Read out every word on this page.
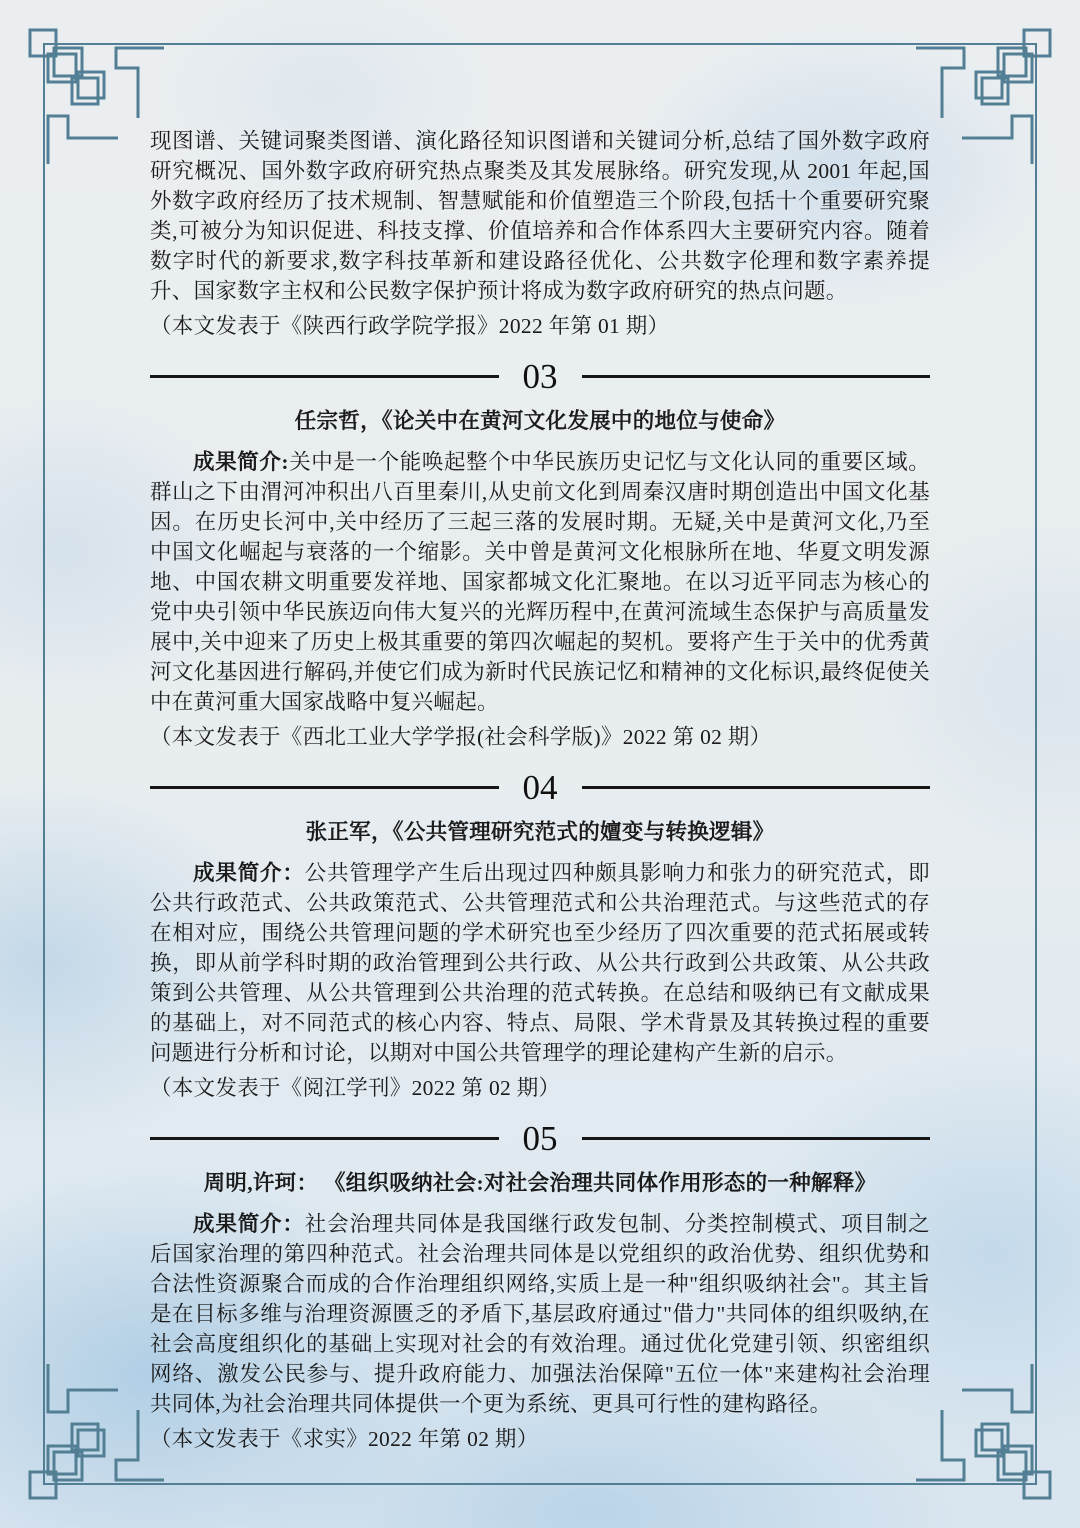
现图谱、关键词聚类图谱、演化路径知识图谱和关键词分析,总结了国外数字政府研究概况、国外数字政府研究热点聚类及其发展脉络。研究发现,从 2001 年起,国外数字政府经历了技术规制、智慧赋能和价值塑造三个阶段,包括十个重要研究聚类,可被分为知识促进、科技支撑、价值培养和合作体系四大主要研究内容。随着数字时代的新要求,数字科技革新和建设路径优化、公共数字伦理和数字素养提升、国家数字主权和公民数字保护预计将成为数字政府研究的热点问题。

（本文发表于《陕西行政学院学报》2022 年第 01 期）

03
任宗哲，《论关中在黄河文化发展中的地位与使命》

成果简介:关中是一个能唤起整个中华民族历史记忆与文化认同的重要区域。群山之下由渭河冲积出八百里秦川,从史前文化到周秦汉唐时期创造出中国文化基因。在历史长河中,关中经历了三起三落的发展时期。无疑,关中是黄河文化,乃至中国文化崛起与衰落的一个缩影。关中曾是黄河文化根脉所在地、华夏文明发源地、中国农耕文明重要发祥地、国家都城文化汇聚地。在以习近平同志为核心的党中央引领中华民族迈向伟大复兴的光辉历程中,在黄河流域生态保护与高质量发展中,关中迎来了历史上极其重要的第四次崛起的契机。要将产生于关中的优秀黄河文化基因进行解码,并使它们成为新时代民族记忆和精神的文化标识,最终促使关中在黄河重大国家战略中复兴崛起。

（本文发表于《西北工业大学学报(社会科学版)》2022 第 02 期）

04
张正军，《公共管理研究范式的嬗变与转换逻辑》

成果简介：公共管理学产生后出现过四种颇具影响力和张力的研究范式，即公共行政范式、公共政策范式、公共管理范式和公共治理范式。与这些范式的存在相对应，围绕公共管理问题的学术研究也至少经历了四次重要的范式拓展或转换，即从前学科时期的政治管理到公共行政、从公共行政到公共政策、从公共政策到公共管理、从公共管理到公共治理的范式转换。在总结和吸纳已有文献成果的基础上，对不同范式的核心内容、特点、局限、学术背景及其转换过程的重要问题进行分析和讨论，以期对中国公共管理学的理论建构产生新的启示。

（本文发表于《阅江学刊》2022 第 02 期）

05
周明,许珂： 《组织吸纳社会:对社会治理共同体作用形态的一种解释》

成果简介：社会治理共同体是我国继行政发包制、分类控制模式、项目制之后国家治理的第四种范式。社会治理共同体是以党组织的政治优势、组织优势和合法性资源聚合而成的合作治理组织网络,实质上是一种"组织吸纳社会"。其主旨是在目标多维与治理资源匮乏的矛盾下,基层政府通过"借力"共同体的组织吸纳,在社会高度组织化的基础上实现对社会的有效治理。通过优化党建引领、织密组织网络、激发公民参与、提升政府能力、加强法治保障"五位一体"来建构社会治理共同体,为社会治理共同体提供一个更为系统、更具可行性的建构路径。

（本文发表于《求实》2022 年第 02 期）
